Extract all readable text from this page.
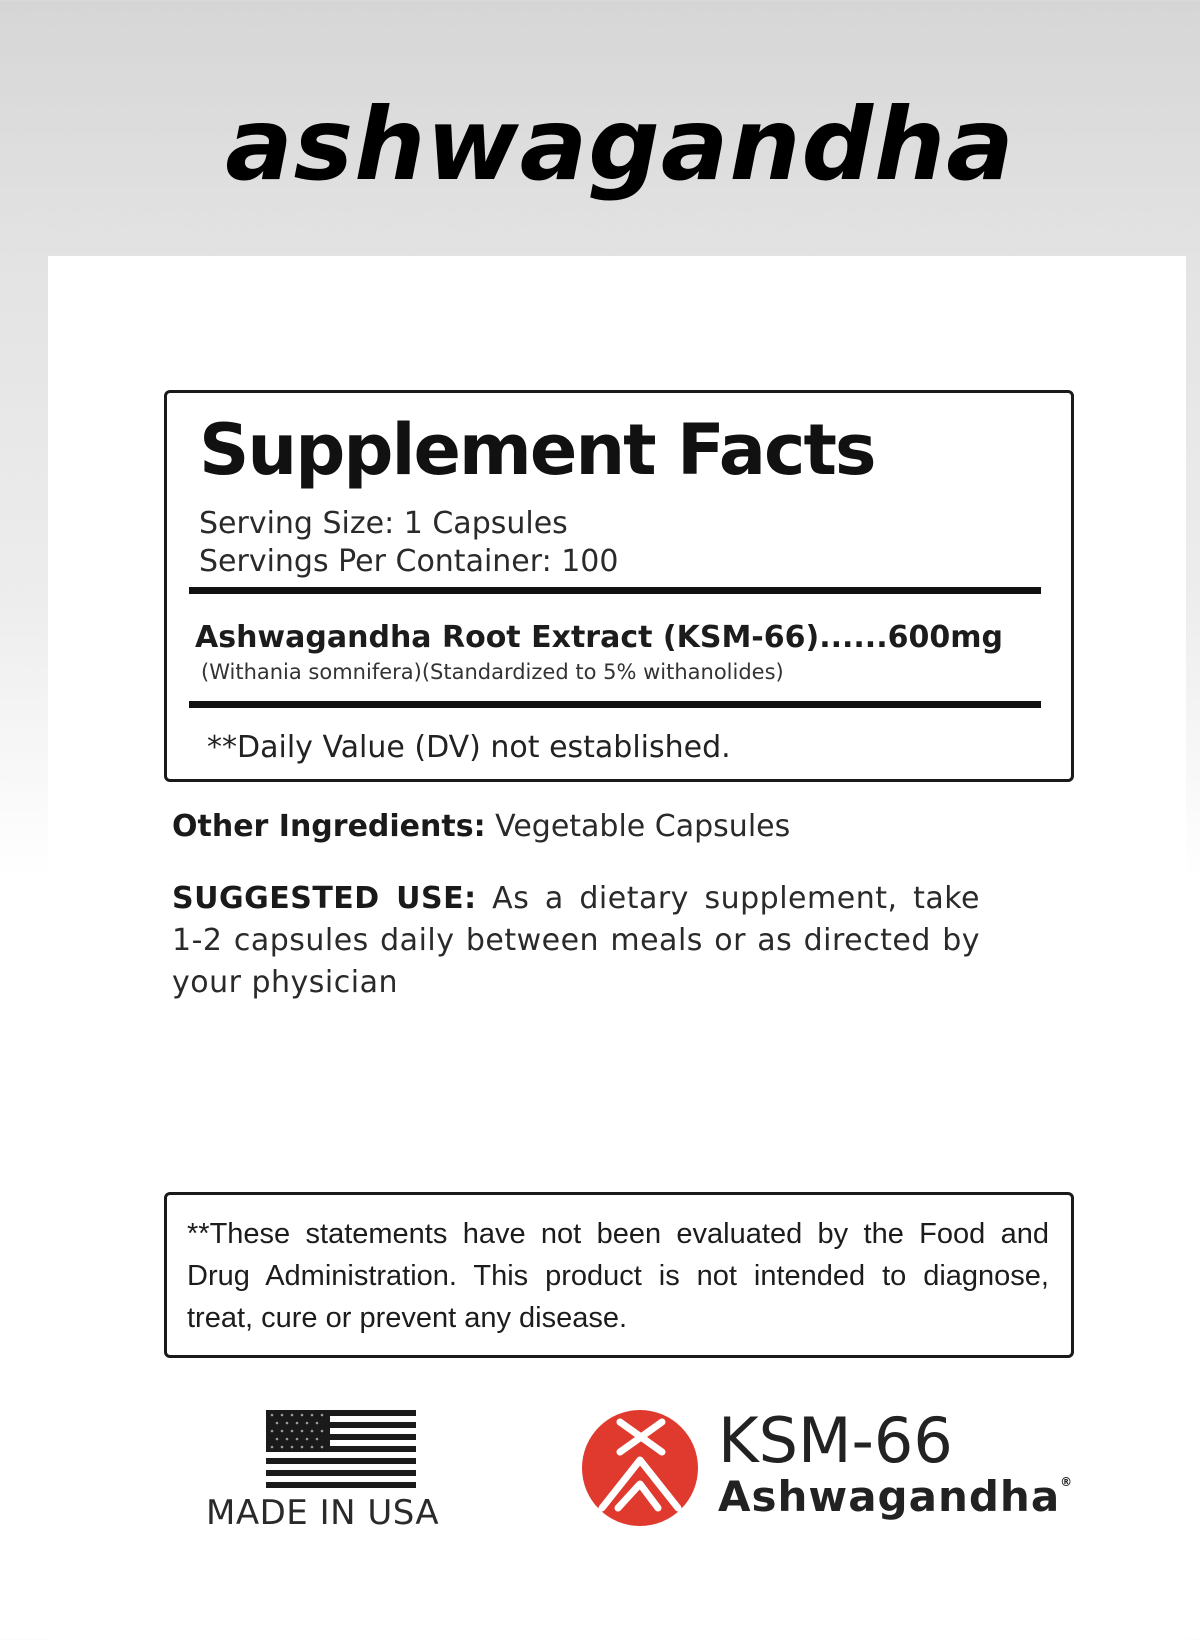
ashwagandha
Supplement Facts
Serving Size: 1 Capsules
Servings Per Container: 100
Ashwagandha Root Extract (KSM-66)......600mg
(Withania somnifera)(Standardized to 5% withanolides)
**Daily Value (DV) not established.
Other Ingredients: Vegetable Capsules
SUGGESTED USE: As a dietary supplement, take 1-2 capsules daily between meals or as directed by your physician
**These statements have not been evaluated by the Food and Drug Administration. This product is not intended to diagnose, treat, cure or prevent any disease.
MADE IN USA
KSM-66
Ashwagandha®
